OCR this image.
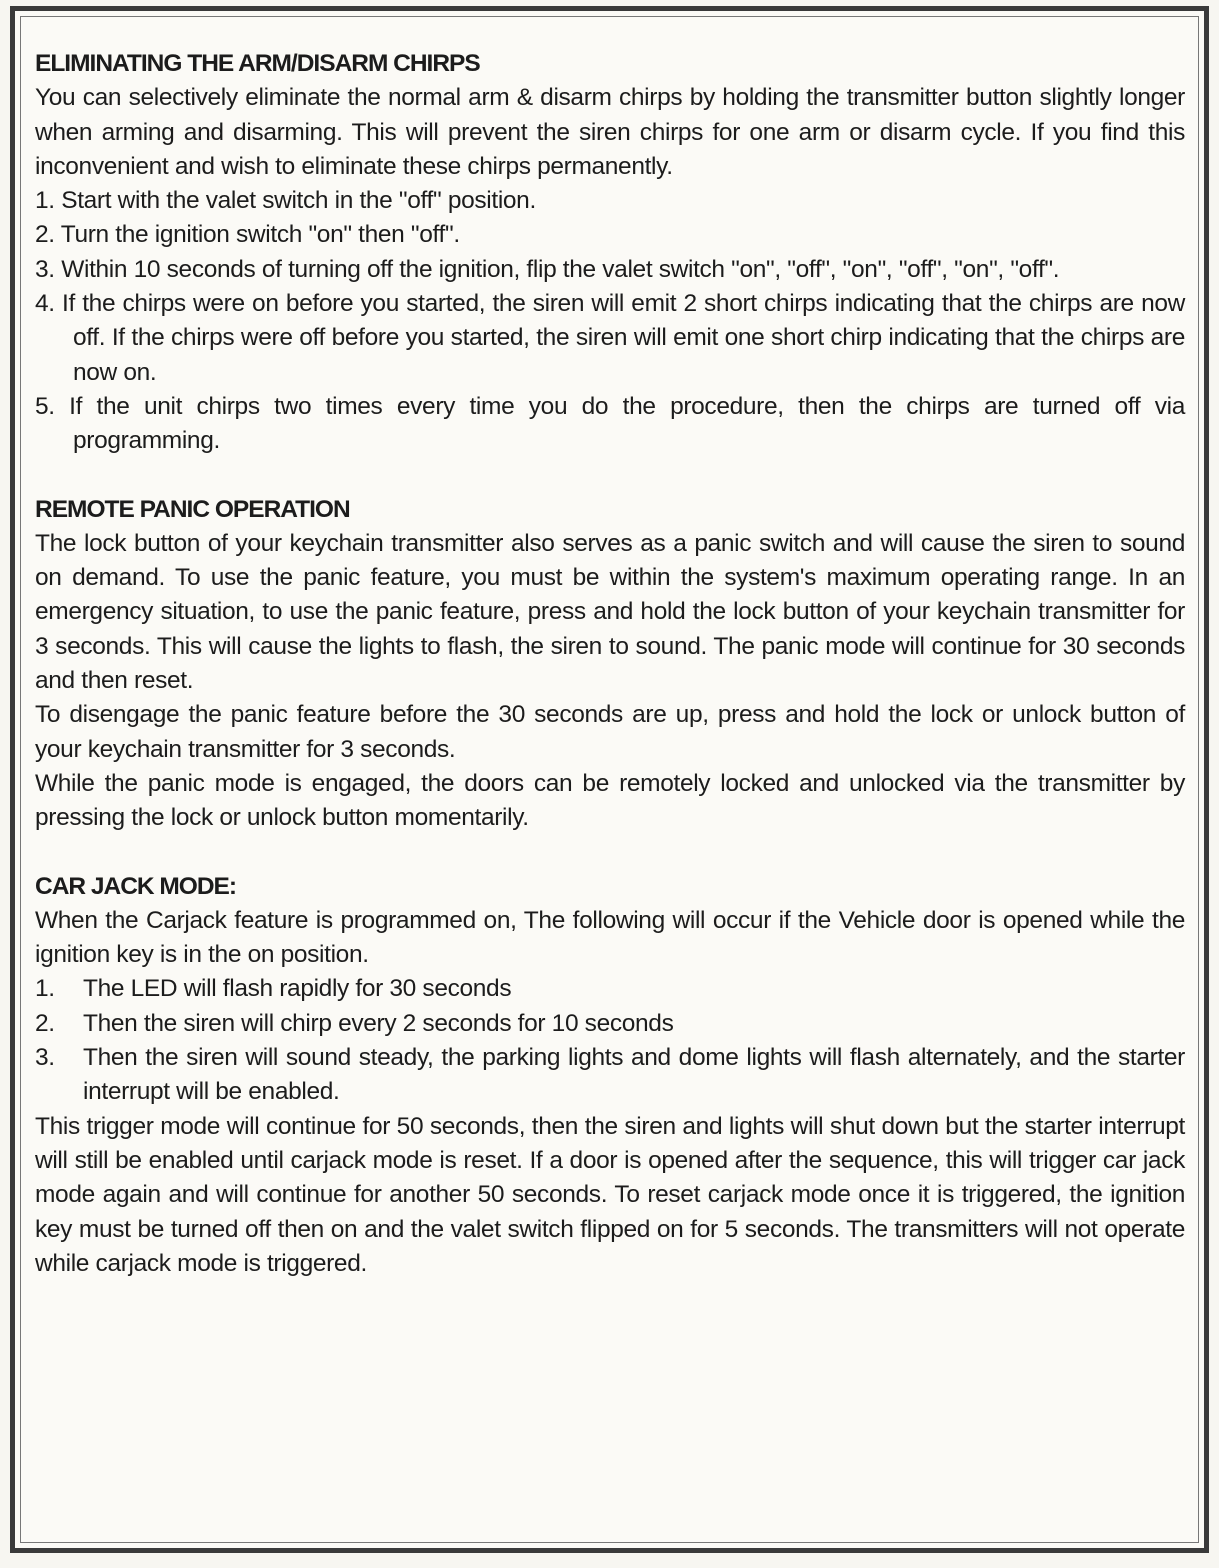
ELIMINATING THE ARM/DISARM CHIRPS

You can selectively eliminate the normal arm & disarm chirps by holding the transmitter button slightly longer when arming and disarming. This will prevent the siren chirps for one arm or disarm cycle. If you find this inconvenient and wish to eliminate these chirps permanently.

1. Start with the valet switch in the "off" position.

2. Turn the ignition switch "on" then "off".

3. Within 10 seconds of turning off the ignition, flip the valet switch "on", "off", "on", "off", "on", "off".

4. If the chirps were on before you started, the siren will emit 2 short chirps indicating that the chirps are now off. If the chirps were off before you started, the siren will emit one short chirp indicating that the chirps are now on.

5. If the unit chirps two times every time you do the procedure, then the chirps are turned off via programming.

REMOTE PANIC OPERATION

The lock button of your keychain transmitter also serves as a panic switch and will cause the siren to sound on demand. To use the panic feature, you must be within the system's maximum operating range. In an emergency situation, to use the panic feature, press and hold the lock button of your keychain transmitter for 3 seconds. This will cause the lights to flash, the siren to sound. The panic mode will continue for 30 seconds and then reset.

To disengage the panic feature before the 30 seconds are up, press and hold the lock or unlock button of your keychain transmitter for 3 seconds.

While the panic mode is engaged, the doors can be remotely locked and unlocked via the transmitter by pressing the lock or unlock button momentarily.

CAR JACK MODE:

When the Carjack feature is programmed on, The following will occur if the Vehicle door is opened while the ignition key is in the on position.

1. The LED will flash rapidly for 30 seconds

2. Then the siren will chirp every 2 seconds for 10 seconds

3. Then the siren will sound steady, the parking lights and dome lights will flash alternately, and the starter interrupt will be enabled.

This trigger mode will continue for 50 seconds, then the siren and lights will shut down but the starter interrupt will still be enabled until carjack mode is reset. If a door is opened after the sequence, this will trigger car jack mode again and will continue for another 50 seconds. To reset carjack mode once it is triggered, the ignition key must be turned off then on and the valet switch flipped on for 5 seconds. The transmitters will not operate while carjack mode is triggered.
